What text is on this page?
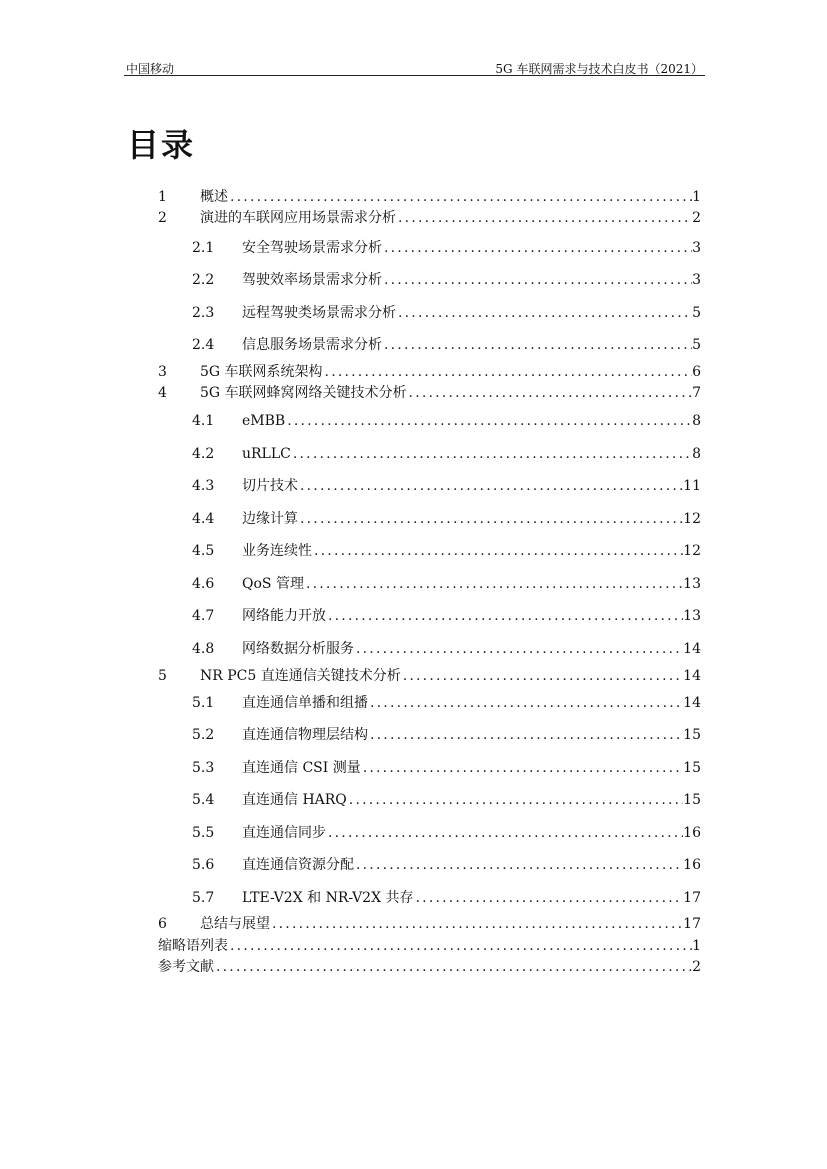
中国移动	5G 车联网需求与技术白皮书（2021）
目录
1	概述 .....	1
2	演进的车联网应用场景需求分析 .....	2
2.1	安全驾驶场景需求分析 .....	3
2.2	驾驶效率场景需求分析 .....	3
2.3	远程驾驶类场景需求分析 .....	5
2.4	信息服务场景需求分析 .....	5
3	5G 车联网系统架构 .....	6
4	5G 车联网蜂窝网络关键技术分析 .....	7
4.1	eMBB .....	8
4.2	uRLLC .....	8
4.3	切片技术 .....	11
4.4	边缘计算 .....	12
4.5	业务连续性 .....	12
4.6	QoS 管理 .....	13
4.7	网络能力开放 .....	13
4.8	网络数据分析服务 .....	14
5	NR PC5 直连通信关键技术分析 .....	14
5.1	直连通信单播和组播 .....	14
5.2	直连通信物理层结构 .....	15
5.3	直连通信 CSI 测量 .....	15
5.4	直连通信 HARQ .....	15
5.5	直连通信同步 .....	16
5.6	直连通信资源分配 .....	16
5.7	LTE-V2X 和 NR-V2X 共存 .....	17
6	总结与展望 .....	17
缩略语列表 .....	1
参考文献 .....	2
